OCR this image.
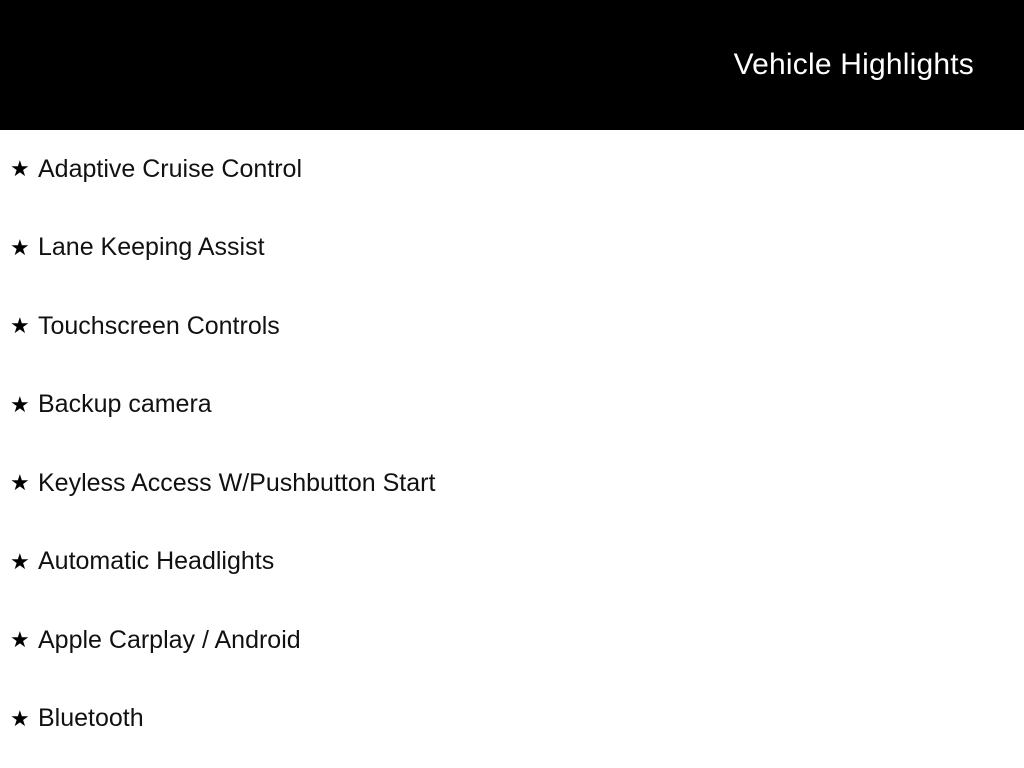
Vehicle Highlights
★ Adaptive Cruise Control
★ Lane Keeping Assist
★ Touchscreen Controls
★ Backup camera
★ Keyless Access W/Pushbutton Start
★ Automatic Headlights
★ Apple Carplay / Android
★ Bluetooth
